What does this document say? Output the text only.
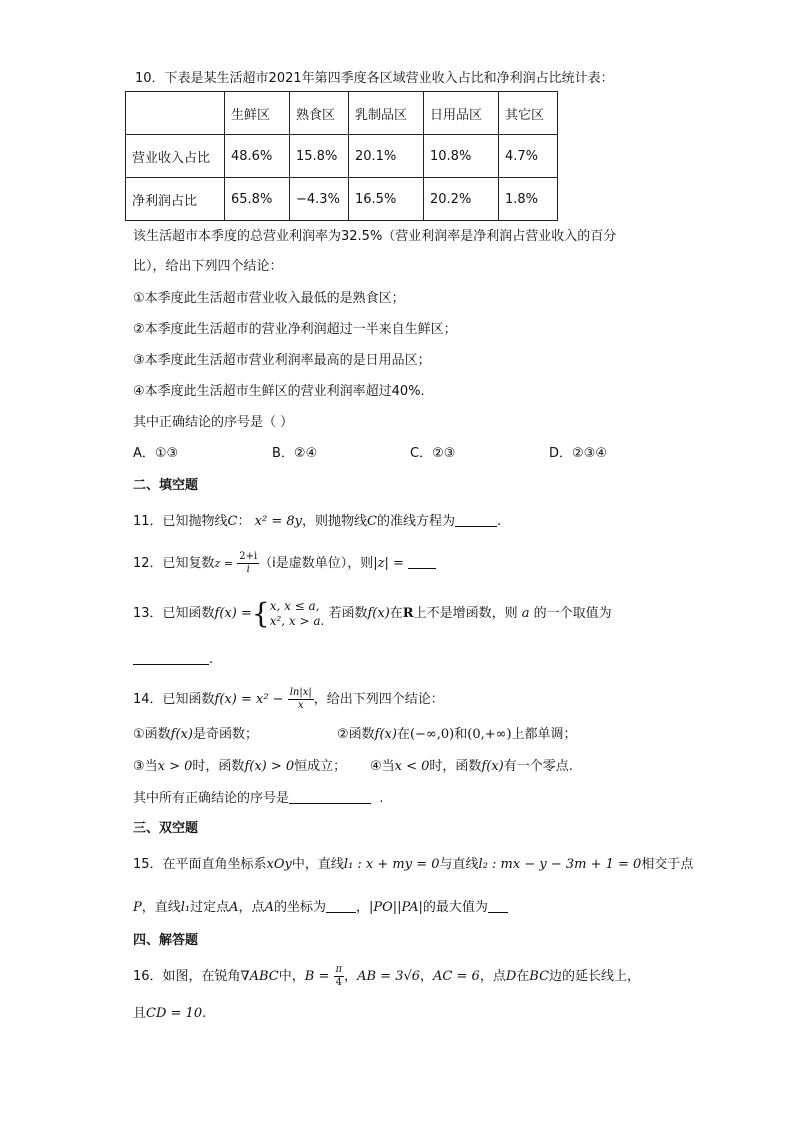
10．下表是某生活超市2021年第四季度各区域营业收入占比和净利润占比统计表：
	生鲜区	熟食区	乳制品区	日用品区	其它区
营业收入占比	48.6%	15.8%	20.1%	10.8%	4.7%
净利润占比	65.8%	−4.3%	16.5%	20.2%	1.8%
该生活超市本季度的总营业利润率为32.5%（营业利润率是净利润占营业收入的百分
比），给出下列四个结论：
①本季度此生活超市营业收入最低的是熟食区；
②本季度此生活超市的营业净利润超过一半来自生鲜区；
③本季度此生活超市营业利润率最高的是日用品区；
④本季度此生活超市生鲜区的营业利润率超过40%.
其中正确结论的序号是（ ）
A．①③	B．②④	C．②③	D．②③④
二、填空题
11．已知抛物线C： x² = 8y，则抛物线C的准线方程为	.
12．已知复数$z = \frac{2+i}{i} (i$是虚数单位），则|z| =
13．已知函数f(x) ={ x, x ≤ a,
x², x > a. 若函数f(x)在R上不是增函数，则 a 的一个取值为
.
14．已知函数$f(x) = x^2 - \frac{\ln|x|}{x}$ ，给出下列四个结论：
①函数f(x)是奇函数；	②函数f(x)在(−∞,0)和(0,+∞)上都单调；
③当x > 0时，函数f(x) > 0恒成立； ④当x < 0时，函数f(x)有一个零点.
其中所有正确结论的序号是	.
三、双空题
15．在平面直角坐标系xOy中，直线l₁ : x + my = 0与直线l₂ : mx − y − 3m + 1 = 0相交于点
P，直线l₁过定点A，点A的坐标为 ，|PO||PA|的最大值为
四、解答题
16．如图，在锐角∇ABC中，$B = \frac{\pi}{4}$ ，AB = 3√6，AC = 6，点D在BC边的延长线上，
且CD = 10.
